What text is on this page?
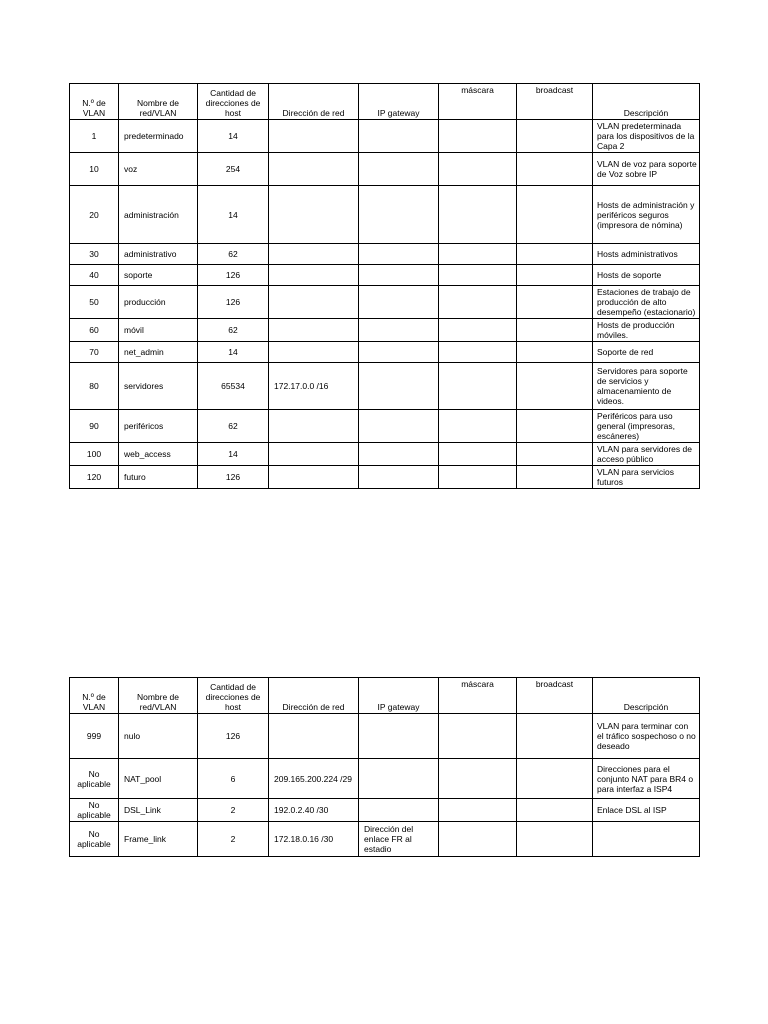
N.º de VLAN	Nombre de red/VLAN	Cantidad de direcciones de host	Dirección de red	IP gateway	máscara	broadcast	Descripción
1	predeterminado	14					VLAN predeterminada para los dispositivos de la Capa 2
10	voz	254					VLAN de voz para soporte de Voz sobre IP
20	administración	14					Hosts de administración y periféricos seguros (impresora de nómina)
30	administrativo	62					Hosts administrativos
40	soporte	126					Hosts de soporte
50	producción	126					Estaciones de trabajo de producción de alto desempeño (estacionario)
60	móvil	62					Hosts de producción móviles.
70	net_admin	14					Soporte de red
80	servidores	65534	172.17.0.0 /16				Servidores para soporte de servicios y almacenamiento de videos.
90	periféricos	62					Periféricos para uso general (impresoras, escáneres)
100	web_access	14					VLAN para servidores de acceso público
120	futuro	126					VLAN para servicios futuros
N.º de VLAN	Nombre de red/VLAN	Cantidad de direcciones de host	Dirección de red	IP gateway	máscara	broadcast	Descripción
999	nulo	126					VLAN para terminar con el tráfico sospechoso o no deseado
No aplicable	NAT_pool	6	209.165.200.224 /29				Direcciones para el conjunto NAT para BR4 o para interfaz a ISP4
No aplicable	DSL_Link	2	192.0.2.40 /30				Enlace DSL al ISP
No aplicable	Frame_link	2	172.18.0.16 /30	Dirección del enlace FR al estadio			
